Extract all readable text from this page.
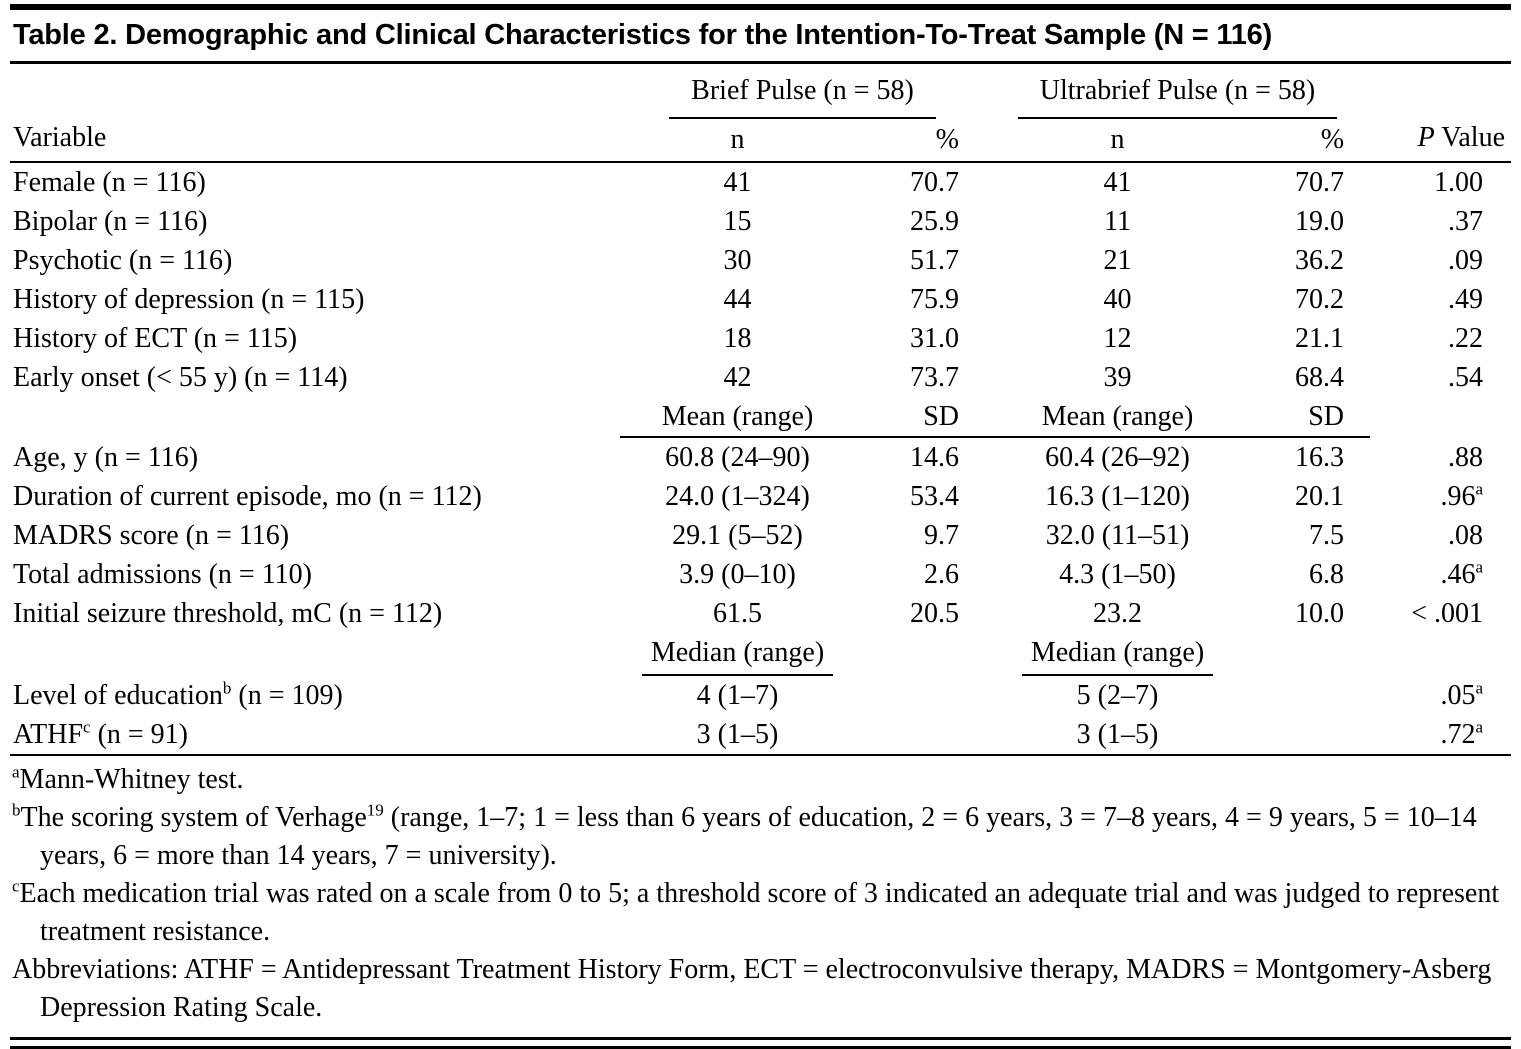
Table 2. Demographic and Clinical Characteristics for the Intention-To-Treat Sample (N = 116)
Variable	Brief Pulse (n = 58)		Ultrabrief Pulse (n = 58)		P Value
	n	%	n	%	
Female (n = 116)	41	70.7	41	70.7	1.00
Bipolar (n = 116)	15	25.9	11	19.0	.37
Psychotic (n = 116)	30	51.7	21	36.2	.09
History of depression (n = 115)	44	75.9	40	70.2	.49
History of ECT (n = 115)	18	31.0	12	21.1	.22
Early onset (< 55 y) (n = 114)	42	73.7	39	68.4	.54
	Mean (range)	SD	Mean (range)	SD	
Age, y (n = 116)	60.8 (24–90)	14.6	60.4 (26–92)	16.3	.88
Duration of current episode, mo (n = 112)	24.0 (1–324)	53.4	16.3 (1–120)	20.1	.96$^a$
MADRS score (n = 116)	29.1 (5–52)	9.7	32.0 (11–51)	7.5	.08
Total admissions (n = 110)	3.9 (0–10)	2.6	4.3 (1–50)	6.8	.46$^a$
Initial seizure threshold, mC (n = 112)	61.5	20.5	23.2	10.0	< .001
	Median (range)		Median (range)		
Level of education$^b$ (n = 109)	4 (1–7)		5 (2–7)		.05$^a$
ATHF$^c$ (n = 91)	3 (1–5)		3 (1–5)		.72$^a$

$^a$Mann-Whitney test.

$^b$The scoring system of Verhage$^{19}$ (range, 1–7; 1 = less than 6 years of education, 2 = 6 years, 3 = 7–8 years, 4 = 9 years, 5 = 10–14 years, 6 = more than 14 years, 7 = university).

$^c$Each medication trial was rated on a scale from 0 to 5; a threshold score of 3 indicated an adequate trial and was judged to represent treatment resistance.

Abbreviations: ATHF = Antidepressant Treatment History Form, ECT = electroconvulsive therapy, MADRS = Montgomery-Asberg Depression Rating Scale.
